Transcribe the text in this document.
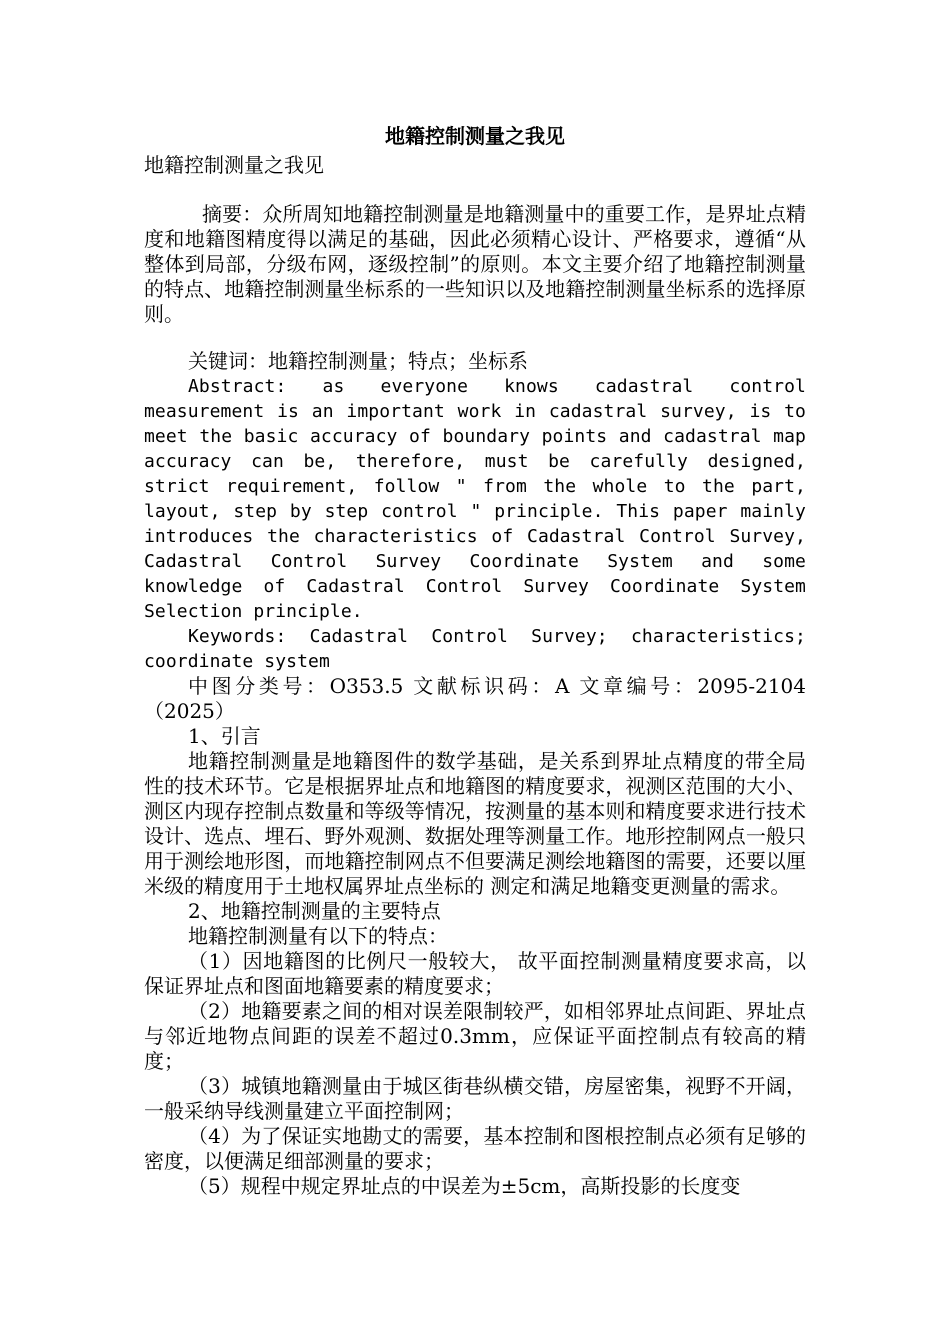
地籍控制测量之我见

地籍控制测量之我见

摘要：众所周知地籍控制测量是地籍测量中的重要工作，是界址点精度和地籍图精度得以满足的基础，因此必须精心设计、严格要求，遵循“从整体到局部，分级布网，逐级控制”的原则。本文主要介绍了地籍控制测量的特点、地籍控制测量坐标系的一些知识以及地籍控制测量坐标系的选择原则。

关键词：地籍控制测量；特点；坐标系

Abstract: as everyone knows cadastral control measurement is an important work in cadastral survey, is to meet the basic accuracy of boundary points and cadastral map accuracy can be, therefore, must be carefully designed, strict requirement, follow " from the whole to the part, layout, step by step control " principle. This paper mainly introduces the characteristics of Cadastral Control Survey, Cadastral Control Survey Coordinate System and some knowledge of Cadastral Control Survey Coordinate System Selection principle.

Keywords: Cadastral Control Survey; characteristics; coordinate system

中图分类号：O353.5 文献标识码：A 文章编号：2095-2104（2025）

1、引言

地籍控制测量是地籍图件的数学基础，是关系到界址点精度的带全局性的技术环节。它是根据界址点和地籍图的精度要求，视测区范围的大小、测区内现存控制点数量和等级等情况，按测量的基本则和精度要求进行技术设计、选点、埋石、野外观测、数据处理等测量工作。地形控制网点一般只用于测绘地形图，而地籍控制网点不但要满足测绘地籍图的需要，还要以厘米级的精度用于土地权属界址点坐标的 测定和满足地籍变更测量的需求。

2、地籍控制测量的主要特点

地籍控制测量有以下的特点：

（1）因地籍图的比例尺一般较大， 故平面控制测量精度要求高，以保证界址点和图面地籍要素的精度要求；

（2）地籍要素之间的相对误差限制较严，如相邻界址点间距、界址点与邻近地物点间距的误差不超过0.3mm，应保证平面控制点有较高的精度；

（3）城镇地籍测量由于城区街巷纵横交错，房屋密集，视野不开阔，一般采纳导线测量建立平面控制网；

（4）为了保证实地勘丈的需要，基本控制和图根控制点必须有足够的密度，以便满足细部测量的要求；

（5）规程中规定界址点的中误差为±5cm，高斯投影的长度变
